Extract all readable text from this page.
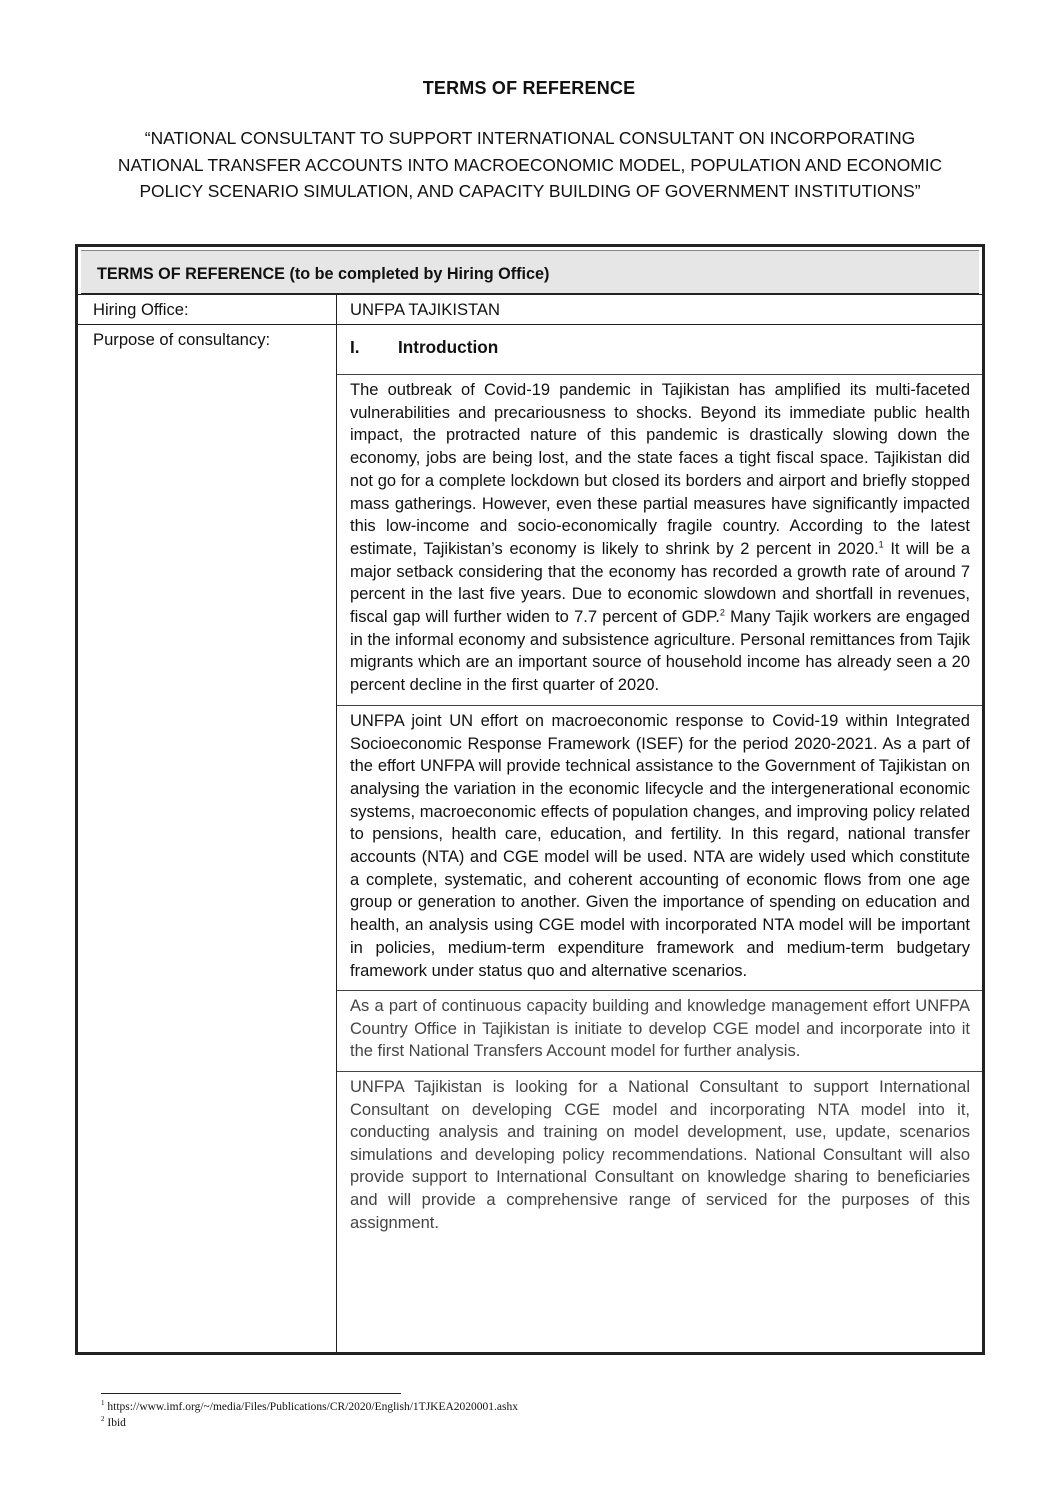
TERMS OF REFERENCE
“NATIONAL CONSULTANT TO SUPPORT INTERNATIONAL CONSULTANT ON INCORPORATING NATIONAL TRANSFER ACCOUNTS INTO MACROECONOMIC MODEL, POPULATION AND ECONOMIC POLICY SCENARIO SIMULATION, AND CAPACITY BUILDING OF GOVERNMENT INSTITUTIONS”
TERMS OF REFERENCE (to be completed by Hiring Office)
Hiring Office:	UNFPA TAJIKISTAN
Purpose of consultancy:	I.	Introduction

The outbreak of Covid-19 pandemic in Tajikistan has amplified its multi-faceted vulnerabilities and precariousness to shocks. Beyond its immediate public health impact, the protracted nature of this pandemic is drastically slowing down the economy, jobs are being lost, and the state faces a tight fiscal space. Tajikistan did not go for a complete lockdown but closed its borders and airport and briefly stopped mass gatherings. However, even these partial measures have significantly impacted this low-income and socio-economically fragile country. According to the latest estimate, Tajikistan’s economy is likely to shrink by 2 percent in 2020.$^1$ It will be a major setback considering that the economy has recorded a growth rate of around 7 percent in the last five years. Due to economic slowdown and shortfall in revenues, fiscal gap will further widen to 7.7 percent of GDP.$^2$ Many Tajik workers are engaged in the informal economy and subsistence agriculture. Personal remittances from Tajik migrants which are an important source of household income has already seen a 20 percent decline in the first quarter of 2020.

UNFPA joint UN effort on macroeconomic response to Covid-19 within Integrated Socioeconomic Response Framework (ISEF) for the period 2020-2021. As a part of the effort UNFPA will provide technical assistance to the Government of Tajikistan on analysing the variation in the economic lifecycle and the intergenerational economic systems, macroeconomic effects of population changes, and improving policy related to pensions, health care, education, and fertility. In this regard, national transfer accounts (NTA) and CGE model will be used. NTA are widely used which constitute a complete, systematic, and coherent accounting of economic flows from one age group or generation to another. Given the importance of spending on education and health, an analysis using CGE model with incorporated NTA model will be important in policies, medium-term expenditure framework and medium-term budgetary framework under status quo and alternative scenarios.

As a part of continuous capacity building and knowledge management effort UNFPA Country Office in Tajikistan is initiate to develop CGE model and incorporate into it the first National Transfers Account model for further analysis.

UNFPA Tajikistan is looking for a National Consultant to support International Consultant on developing CGE model and incorporating NTA model into it, conducting analysis and training on model development, use, update, scenarios simulations and developing policy recommendations. National Consultant will also provide support to International Consultant on knowledge sharing to beneficiaries and will provide a comprehensive range of serviced for the purposes of this assignment.

$^1$ https://www.imf.org/~/media/Files/Publications/CR/2020/English/1TJKEA2020001.ashx
$^2$ Ibid
